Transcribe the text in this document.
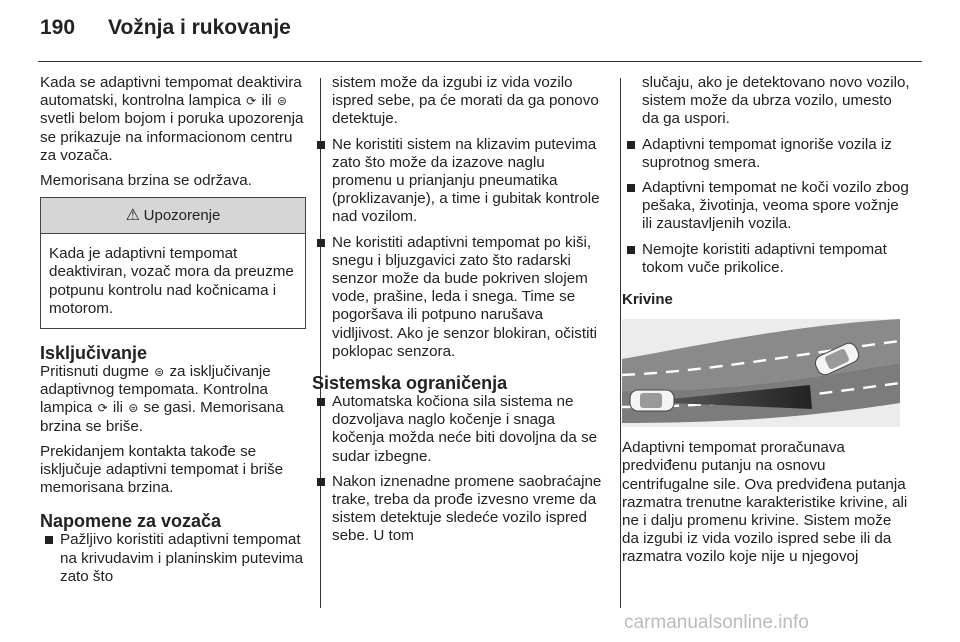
190	Vožnja i rukovanje

Kada se adaptivni tempomat deaktivira automatski, kontrolna lampica ⟳ ili ⊜ svetli belom bojom i poruka upozorenja se prikazuje na informacionom centru za vozača.

Memorisana brzina se održava.

⚠ Upozorenje
Kada je adaptivni tempomat deaktiviran, vozač mora da preuzme potpunu kontrolu nad kočnicama i motorom.
Isključivanje

Pritisnuti dugme ⊜ za isključivanje adaptivnog tempomata. Kontrolna lampica ⟳ ili ⊜ se gasi. Memorisana brzina se briše.

Prekidanjem kontakta takođe se isključuje adaptivni tempomat i briše memorisana brzina.

Napomene za vozača
Pažljivo koristiti adaptivni tempomat na krivudavim i planinskim putevima zato što

sistem može da izgubi iz vida vozilo ispred sebe, pa će morati da ga ponovo detektuje.

Ne koristiti sistem na klizavim putevima zato što može da izazove naglu promenu u prianjanju pneumatika (proklizavanje), a time i gubitak kontrole nad vozilom.
Ne koristiti adaptivni tempomat po kiši, snegu i bljuzgavici zato što radarski senzor može da bude pokriven slojem vode, prašine, leda i snega. Time se pogoršava ili potpuno narušava vidljivost. Ako je senzor blokiran, očistiti poklopac senzora.
Sistemska ograničenja
Automatska kočiona sila sistema ne dozvoljava naglo kočenje i snaga kočenja možda neće biti dovoljna da se sudar izbegne.
Nakon iznenadne promene saobraćajne trake, treba da prođe izvesno vreme da sistem detektuje sledeće vozilo ispred sebe. U tom

slučaju, ako je detektovano novo vozilo, sistem može da ubrza vozilo, umesto da ga uspori.

Adaptivni tempomat ignoriše vozila iz suprotnog smera.
Adaptivni tempomat ne koči vozilo zbog pešaka, životinja, veoma spore vožnje ili zaustavljenih vozila.
Nemojte koristiti adaptivni tempomat tokom vuče prikolice.
Krivine

Adaptivni tempomat proračunava predviđenu putanju na osnovu centrifugalne sile. Ova predviđena putanja razmatra trenutne karakteristike krivine, ali ne i dalju promenu krivine. Sistem može da izgubi iz vida vozilo ispred sebe ili da razmatra vozilo koje nije u njegovoj

carmanualsonline.info
